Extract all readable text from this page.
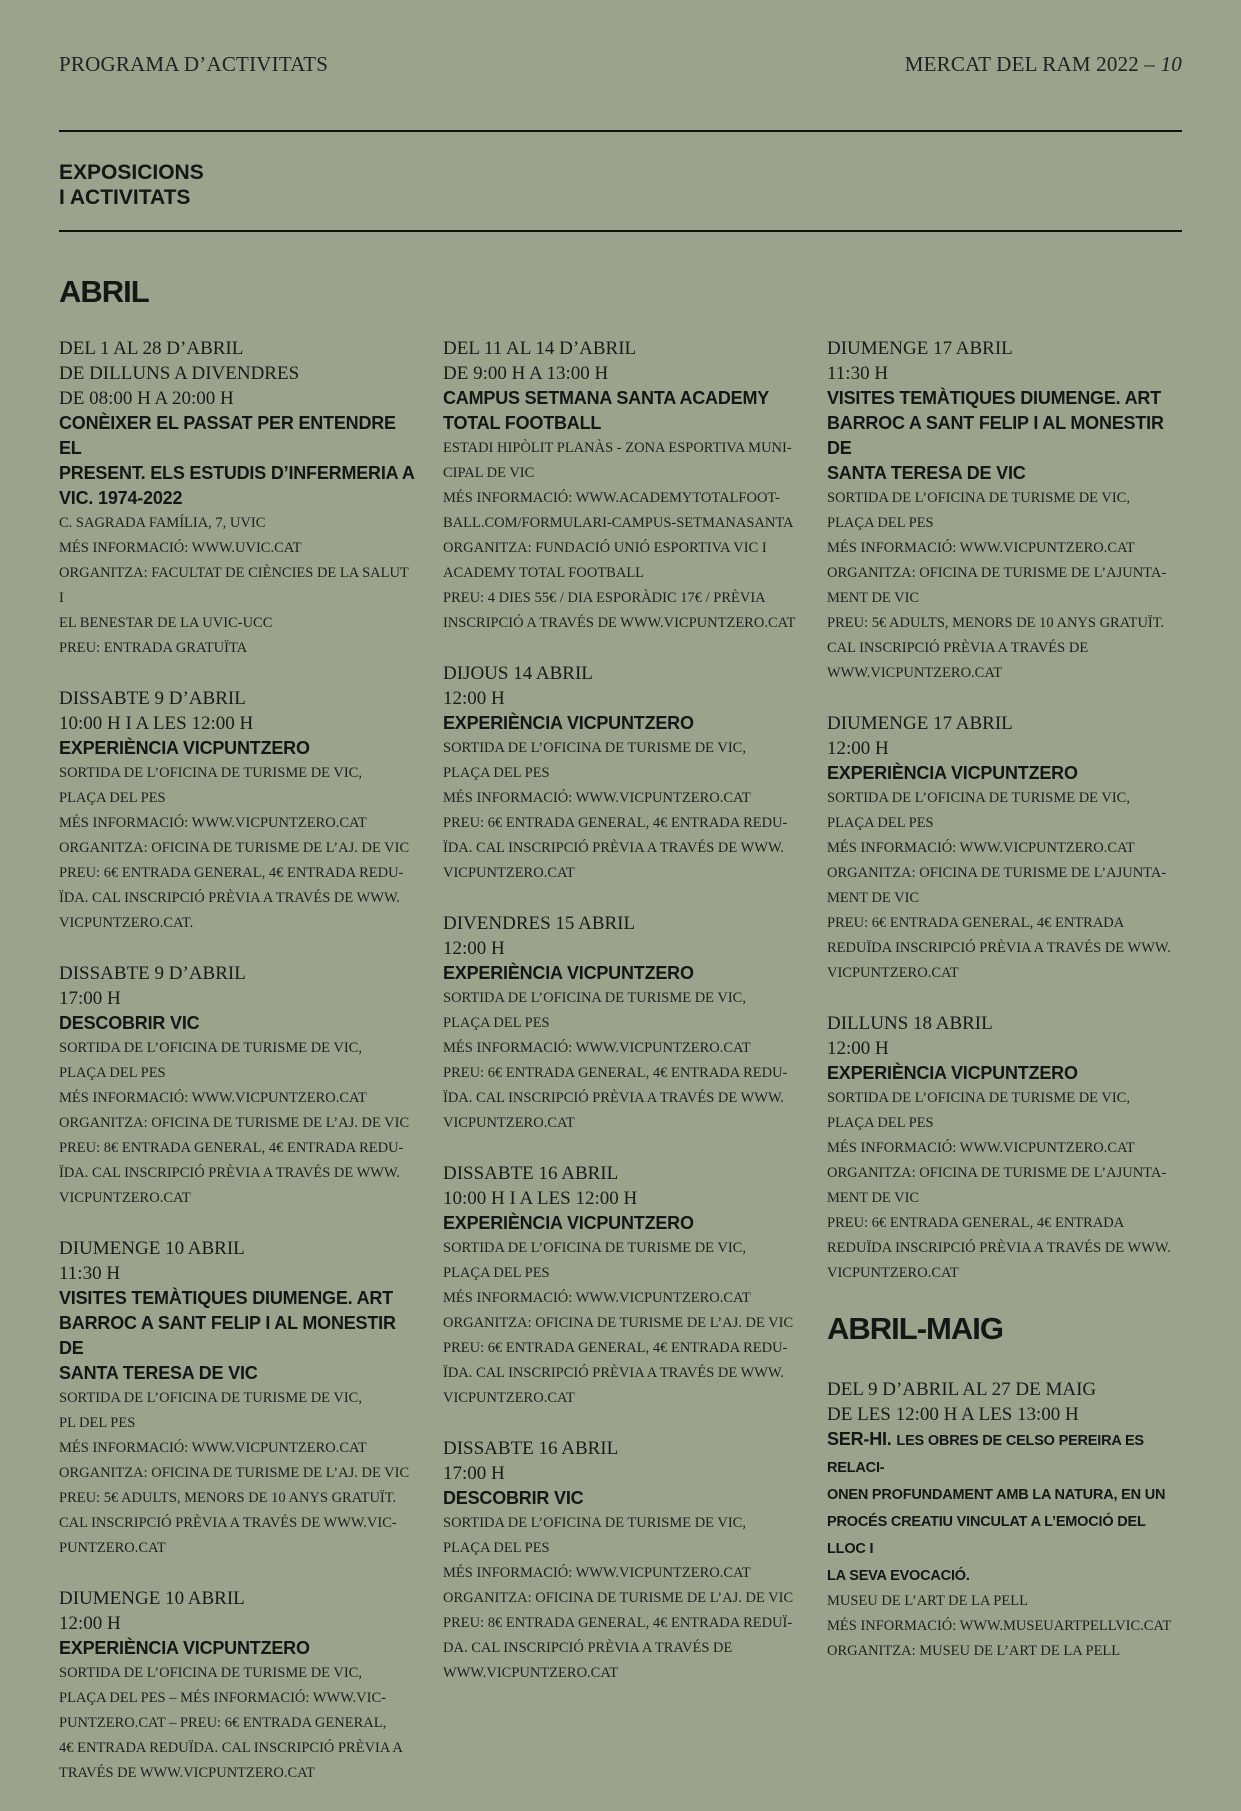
PROGRAMA D’ACTIVITATS	MERCAT DEL RAM 2022 – 10
EXPOSICIONS
I ACTIVITATS
ABRIL
DEL 1 AL 28 D’ABRIL
DE DILLUNS A DIVENDRES
DE 08:00 H A 20:00 H
CONÈIXER EL PASSAT PER ENTENDRE EL
PRESENT. ELS ESTUDIS D’INFERMERIA A
VIC. 1974-2022
C. SAGRADA FAMÍLIA, 7, UVIC
MÉS INFORMACIÓ: WWW.UVIC.CAT
ORGANITZA: FACULTAT DE CIÈNCIES DE LA SALUT I
EL BENESTAR DE LA UVIC-UCC
PREU: ENTRADA GRATUÏTA
DISSABTE 9 D’ABRIL
10:00 H I A LES 12:00 H
EXPERIÈNCIA VICPUNTZERO
SORTIDA DE L’OFICINA DE TURISME DE VIC,
PLAÇA DEL PES
MÉS INFORMACIÓ: WWW.VICPUNTZERO.CAT
ORGANITZA: OFICINA DE TURISME DE L’AJ. DE VIC
PREU: 6€ ENTRADA GENERAL, 4€ ENTRADA REDU-
ÏDA. CAL INSCRIPCIÓ PRÈVIA A TRAVÉS DE WWW.
VICPUNTZERO.CAT.
DISSABTE 9 D’ABRIL
17:00 H
DESCOBRIR VIC
SORTIDA DE L’OFICINA DE TURISME DE VIC,
PLAÇA DEL PES
MÉS INFORMACIÓ: WWW.VICPUNTZERO.CAT
ORGANITZA: OFICINA DE TURISME DE L’AJ. DE VIC
PREU: 8€ ENTRADA GENERAL, 4€ ENTRADA REDU-
ÏDA. CAL INSCRIPCIÓ PRÈVIA A TRAVÉS DE WWW.
VICPUNTZERO.CAT
DIUMENGE 10 ABRIL
11:30 H
VISITES TEMÀTIQUES DIUMENGE. ART
BARROC A SANT FELIP I AL MONESTIR DE
SANTA TERESA DE VIC
SORTIDA DE L’OFICINA DE TURISME DE VIC,
PL DEL PES
MÉS INFORMACIÓ: WWW.VICPUNTZERO.CAT
ORGANITZA: OFICINA DE TURISME DE L’AJ. DE VIC
PREU: 5€ ADULTS, MENORS DE 10 ANYS GRATUÏT.
CAL INSCRIPCIÓ PRÈVIA A TRAVÉS DE WWW.VIC-
PUNTZERO.CAT
DIUMENGE 10 ABRIL
12:00 H
EXPERIÈNCIA VICPUNTZERO
SORTIDA DE L’OFICINA DE TURISME DE VIC,
PLAÇA DEL PES – MÉS INFORMACIÓ: WWW.VIC-
PUNTZERO.CAT – PREU: 6€ ENTRADA GENERAL,
4€ ENTRADA REDUÏDA. CAL INSCRIPCIÓ PRÈVIA A
TRAVÉS DE WWW.VICPUNTZERO.CAT
DEL 11 AL 14 D’ABRIL
DE 9:00 H A 13:00 H
CAMPUS SETMANA SANTA ACADEMY
TOTAL FOOTBALL
ESTADI HIPÒLIT PLANÀS - ZONA ESPORTIVA MUNI-
CIPAL DE VIC
MÉS INFORMACIÓ: WWW.ACADEMYTOTALFOOT-
BALL.COM/FORMULARI-CAMPUS-SETMANASANTA
ORGANITZA: FUNDACIÓ UNIÓ ESPORTIVA VIC I
ACADEMY TOTAL FOOTBALL
PREU: 4 DIES 55€ / DIA ESPORÀDIC 17€ / PRÈVIA
INSCRIPCIÓ A TRAVÉS DE WWW.VICPUNTZERO.CAT
DIJOUS 14 ABRIL
12:00 H
EXPERIÈNCIA VICPUNTZERO
SORTIDA DE L’OFICINA DE TURISME DE VIC,
PLAÇA DEL PES
MÉS INFORMACIÓ: WWW.VICPUNTZERO.CAT
PREU: 6€ ENTRADA GENERAL, 4€ ENTRADA REDU-
ÏDA. CAL INSCRIPCIÓ PRÈVIA A TRAVÉS DE WWW.
VICPUNTZERO.CAT
DIVENDRES 15 ABRIL
12:00 H
EXPERIÈNCIA VICPUNTZERO
SORTIDA DE L’OFICINA DE TURISME DE VIC,
PLAÇA DEL PES
MÉS INFORMACIÓ: WWW.VICPUNTZERO.CAT
PREU: 6€ ENTRADA GENERAL, 4€ ENTRADA REDU-
ÏDA. CAL INSCRIPCIÓ PRÈVIA A TRAVÉS DE WWW.
VICPUNTZERO.CAT
DISSABTE 16 ABRIL
10:00 H I A LES 12:00 H
EXPERIÈNCIA VICPUNTZERO
SORTIDA DE L’OFICINA DE TURISME DE VIC,
PLAÇA DEL PES
MÉS INFORMACIÓ: WWW.VICPUNTZERO.CAT
ORGANITZA: OFICINA DE TURISME DE L’AJ. DE VIC
PREU: 6€ ENTRADA GENERAL, 4€ ENTRADA REDU-
ÏDA. CAL INSCRIPCIÓ PRÈVIA A TRAVÉS DE WWW.
VICPUNTZERO.CAT
DISSABTE 16 ABRIL
17:00 H
DESCOBRIR VIC
SORTIDA DE L’OFICINA DE TURISME DE VIC,
PLAÇA DEL PES
MÉS INFORMACIÓ: WWW.VICPUNTZERO.CAT
ORGANITZA: OFICINA DE TURISME DE L’AJ. DE VIC
PREU: 8€ ENTRADA GENERAL, 4€ ENTRADA REDUÏ-
DA. CAL INSCRIPCIÓ PRÈVIA A TRAVÉS DE
WWW.VICPUNTZERO.CAT
DIUMENGE 17 ABRIL
11:30 H
VISITES TEMÀTIQUES DIUMENGE. ART
BARROC A SANT FELIP I AL MONESTIR DE
SANTA TERESA DE VIC
SORTIDA DE L’OFICINA DE TURISME DE VIC,
PLAÇA DEL PES
MÉS INFORMACIÓ: WWW.VICPUNTZERO.CAT
ORGANITZA: OFICINA DE TURISME DE L’AJUNTA-
MENT DE VIC
PREU: 5€ ADULTS, MENORS DE 10 ANYS GRATUÏT.
CAL INSCRIPCIÓ PRÈVIA A TRAVÉS DE
WWW.VICPUNTZERO.CAT
DIUMENGE 17 ABRIL
12:00 H
EXPERIÈNCIA VICPUNTZERO
SORTIDA DE L’OFICINA DE TURISME DE VIC,
PLAÇA DEL PES
MÉS INFORMACIÓ: WWW.VICPUNTZERO.CAT
ORGANITZA: OFICINA DE TURISME DE L’AJUNTA-
MENT DE VIC
PREU: 6€ ENTRADA GENERAL, 4€ ENTRADA
REDUÏDA INSCRIPCIÓ PRÈVIA A TRAVÉS DE WWW.
VICPUNTZERO.CAT
DILLUNS 18 ABRIL
12:00 H
EXPERIÈNCIA VICPUNTZERO
SORTIDA DE L’OFICINA DE TURISME DE VIC,
PLAÇA DEL PES
MÉS INFORMACIÓ: WWW.VICPUNTZERO.CAT
ORGANITZA: OFICINA DE TURISME DE L’AJUNTA-
MENT DE VIC
PREU: 6€ ENTRADA GENERAL, 4€ ENTRADA
REDUÏDA INSCRIPCIÓ PRÈVIA A TRAVÉS DE WWW.
VICPUNTZERO.CAT
ABRIL-MAIG
DEL 9 D’ABRIL AL 27 DE MAIG
DE LES 12:00 H A LES 13:00 H
SER-HI. LES OBRES DE CELSO PEREIRA ES RELACI-
ONEN PROFUNDAMENT AMB LA NATURA, EN UN
PROCÉS CREATIU VINCULAT A L’EMOCIÓ DEL LLOC I
LA SEVA EVOCACIÓ.
MUSEU DE L’ART DE LA PELL
MÉS INFORMACIÓ: WWW.MUSEUARTPELLVIC.CAT
ORGANITZA: MUSEU DE L’ART DE LA PELL
